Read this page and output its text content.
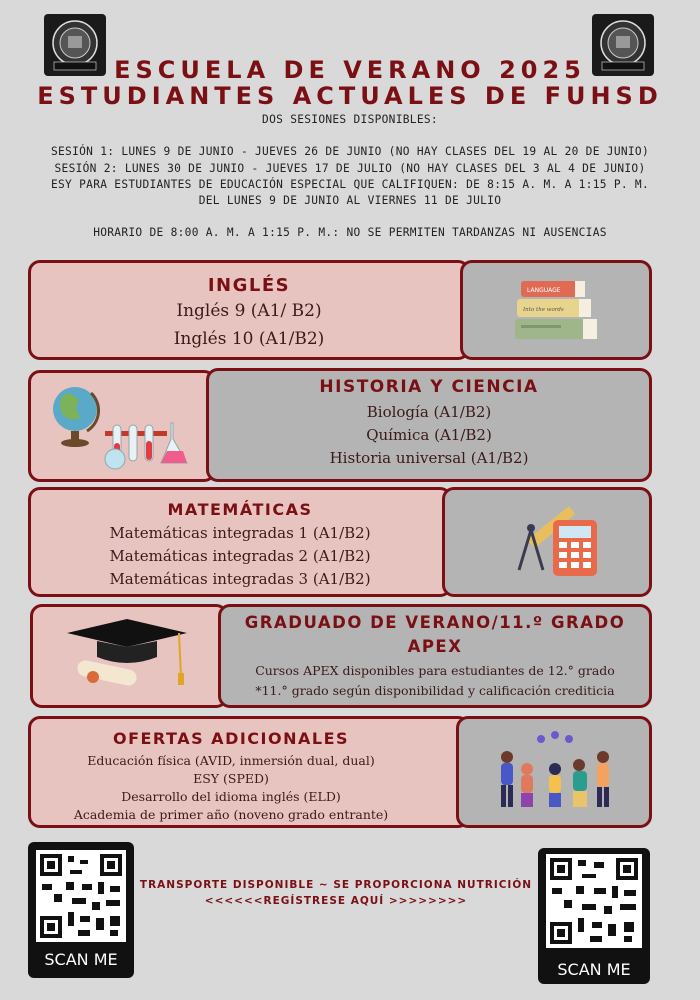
ESCUELA DE VERANO 2025
ESTUDIANTES ACTUALES DE FUHSD
DOS SESIONES DISPONIBLES:
SESIÓN 1: LUNES 9 DE JUNIO - JUEVES 26 DE JUNIO (NO HAY CLASES DEL 19 AL 20 DE JUNIO)
SESIÓN 2: LUNES 30 DE JUNIO - JUEVES 17 DE JULIO (NO HAY CLASES DEL 3 AL 4 DE JUNIO)
ESY PARA ESTUDIANTES DE EDUCACIÓN ESPECIAL QUE CALIFIQUEN: DE 8:15 A. M. A 1:15 P. M.
DEL LUNES 9 DE JUNIO AL VIERNES 11 DE JULIO
HORARIO DE 8:00 A. M. A 1:15 P. M.: NO SE PERMITEN TARDANZAS NI AUSENCIAS
INGLÉS
Inglés 9 (A1/ B2)
Inglés 10 (A1/B2)
LANGUAGE
Into the words
HISTORIA Y CIENCIA
Biología (A1/B2)
Química (A1/B2)
Historia universal (A1/B2)
MATEMÁTICAS
Matemáticas integradas 1 (A1/B2)
Matemáticas integradas 2 (A1/B2)
Matemáticas integradas 3 (A1/B2)
GRADUADO DE VERANO/11.º GRADO
APEX
Cursos APEX disponibles para estudiantes de 12.° grado
*11.° grado según disponibilidad y calificación crediticia
OFERTAS ADICIONALES
Educación física (AVID, inmersión dual, dual)
ESY (SPED)
Desarrollo del idioma inglés (ELD)
Academia de primer año (noveno grado entrante)
SCAN ME
SCAN ME
TRANSPORTE DISPONIBLE ~ SE PROPORCIONA NUTRICIÓN
<<<<<<REGÍSTRESE AQUÍ >>>>>>>>
